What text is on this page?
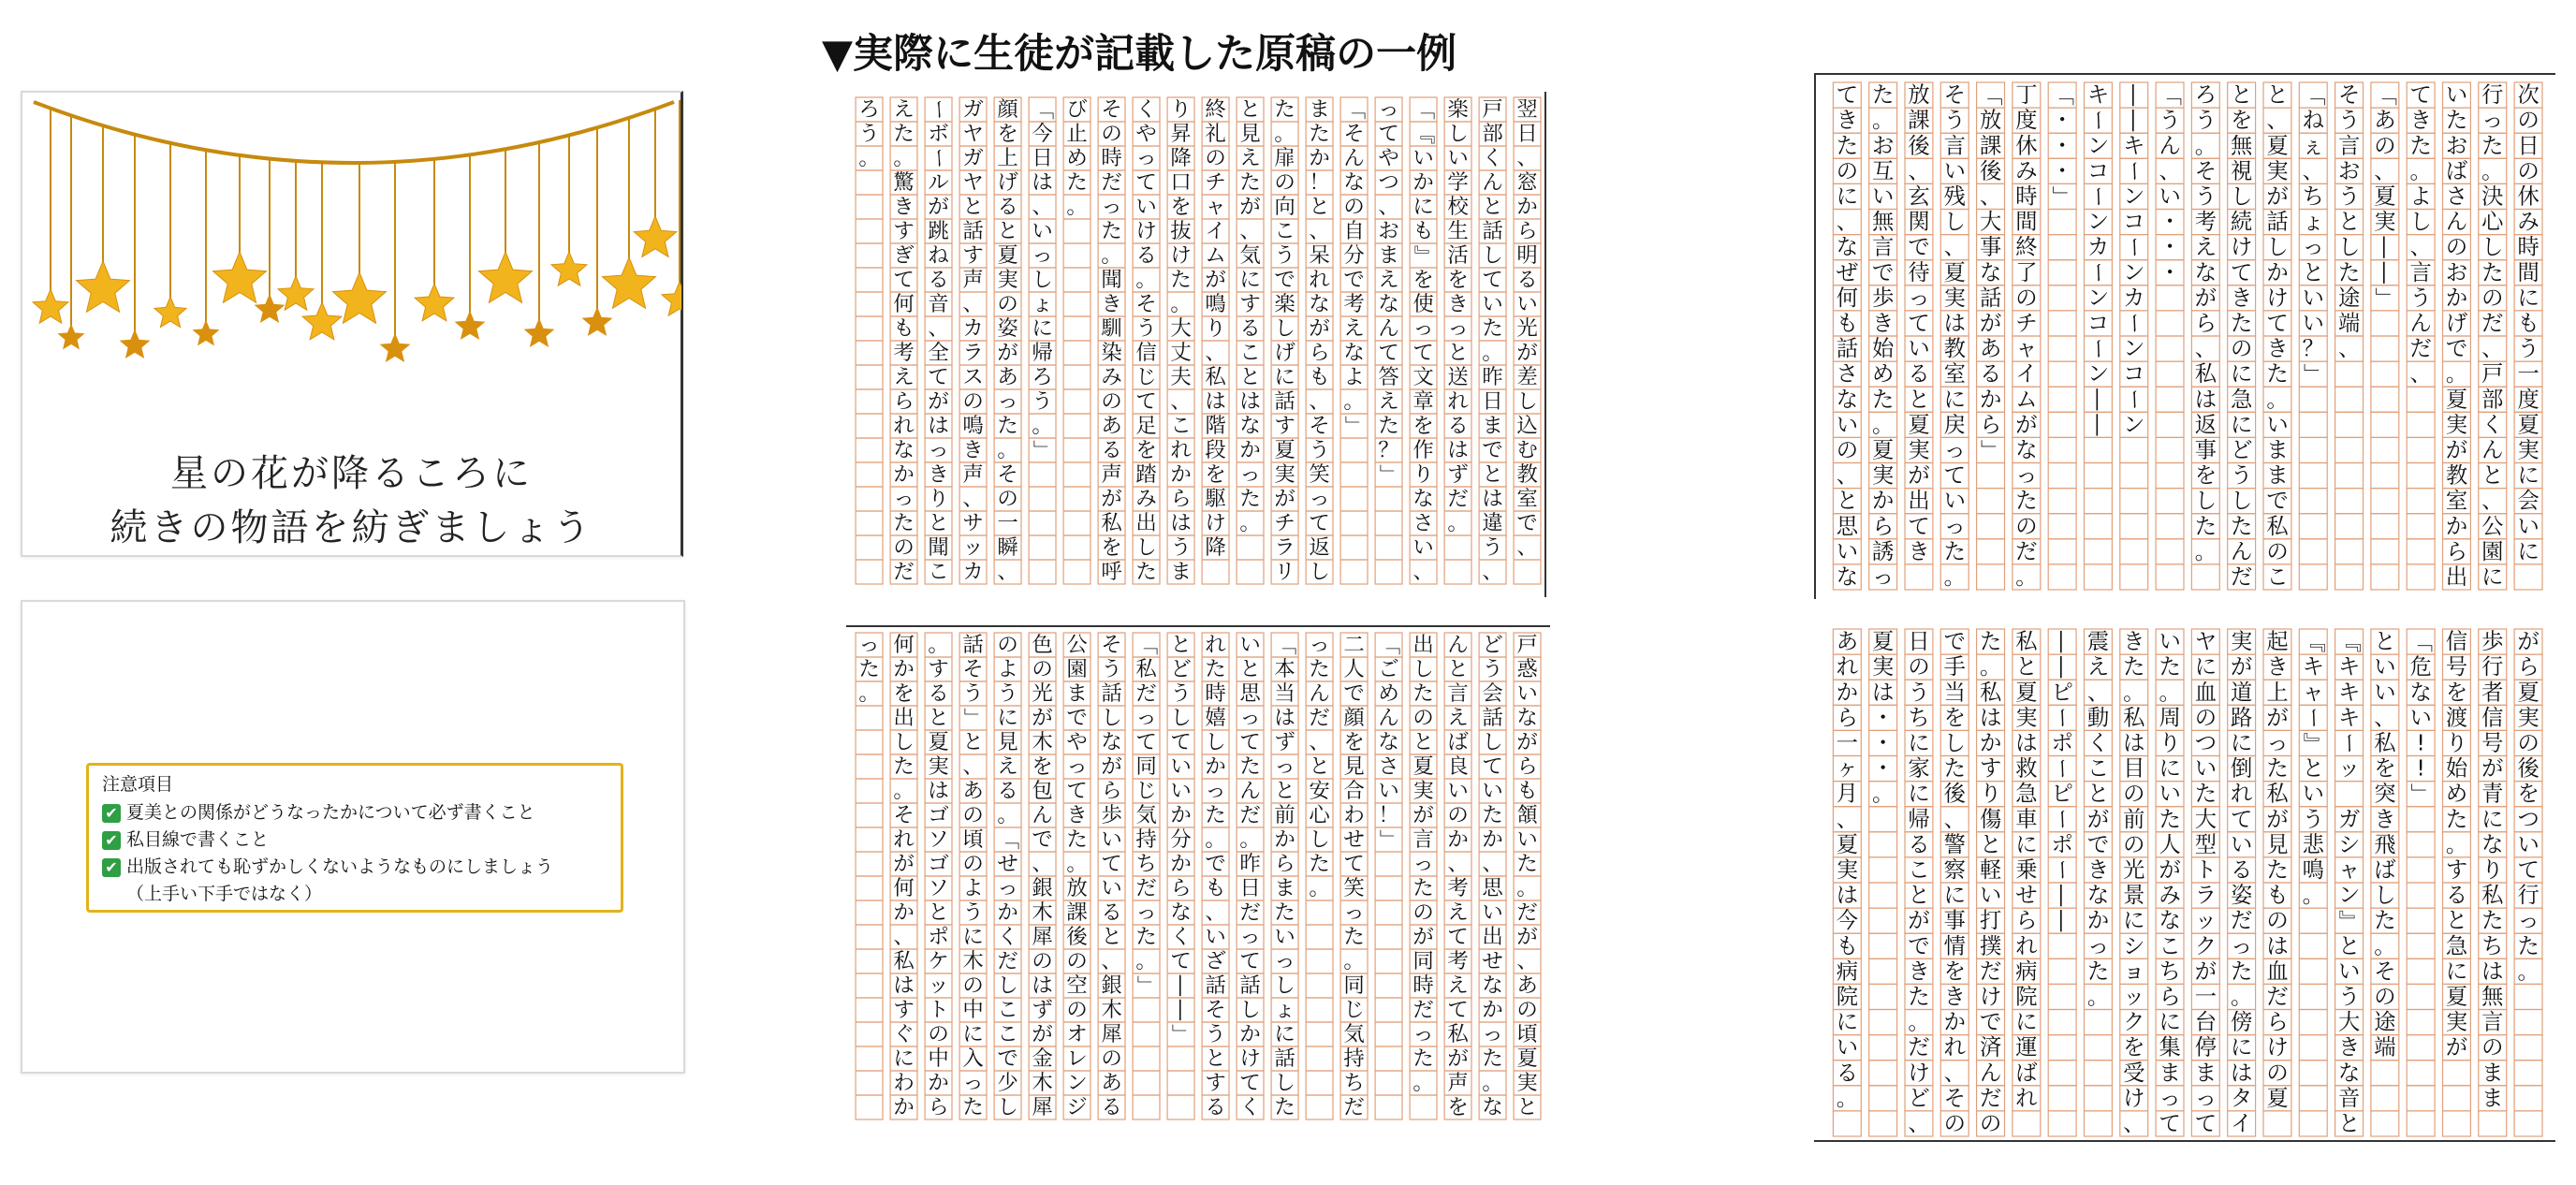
▼実際に生徒が記載した原稿の一例
星の花が降るころに
続きの物語を紡ぎましょう
注意項目
✔ 夏美との関係がどうなったかについて必ず書くこと
✔ 私目線で書くこと
✔ 出版されても恥ずかしくないようなものにしましょう
（上手い下手ではなく）
翌
日
、
窓
か
ら
明
る
い
光
が
差
し
込
む
教
室
で
、
戸
部
く
ん
と
話
し
て
い
た
。
昨
日
ま
で
と
は
違
う
、
楽
し
い
学
校
生
活
を
き
っ
と
送
れ
る
は
ず
だ
。
「
『
い
か
に
も
』
を
使
っ
て
文
章
を
作
り
な
さ
い
、
っ
て
や
つ
、
お
ま
え
な
ん
て
答
え
た
？
」
「
そ
ん
な
の
自
分
で
考
え
な
よ
。
」
ま
た
か
！
と
、
呆
れ
な
が
ら
も
、
そ
う
笑
っ
て
返
し
た
。
扉
の
向
こ
う
で
楽
し
げ
に
話
す
夏
実
が
チ
ラ
リ
と
見
え
た
が
、
気
に
す
る
こ
と
は
な
か
っ
た
。
終
礼
の
チ
ャ
イ
ム
が
鳴
り
、
私
は
階
段
を
駆
け
降
り
昇
降
口
を
抜
け
た
。
大
丈
夫
、
こ
れ
か
ら
は
う
ま
く
や
っ
て
い
け
る
。
そ
う
信
じ
て
足
を
踏
み
出
し
た
そ
の
時
だ
っ
た
。
聞
き
馴
染
み
の
あ
る
声
が
私
を
呼
び
止
め
た
。
「
今
日
は
、
い
っ
し
ょ
に
帰
ろ
う
。
」
顔
を
上
げ
る
と
夏
実
の
姿
が
あ
っ
た
。
そ
の
一
瞬
、
ガ
ヤ
ガ
ヤ
と
話
す
声
、
カ
ラ
ス
の
鳴
き
声
、
サ
ッ
カ
ー
ボ
ー
ル
が
跳
ね
る
音
、
全
て
が
は
っ
き
り
と
聞
こ
え
た
。
驚
き
す
ぎ
て
何
も
考
え
ら
れ
な
か
っ
た
の
だ
ろ
う
。
戸
惑
い
な
が
ら
も
頷
い
た
。
だ
が
、
あ
の
頃
夏
実
と
ど
う
会
話
し
て
い
た
か
、
思
い
出
せ
な
か
っ
た
。
な
ん
と
言
え
ば
良
い
の
か
、
考
え
て
考
え
て
私
が
声
を
出
し
た
の
と
夏
実
が
言
っ
た
の
が
同
時
だ
っ
た
。
「
ご
め
ん
な
さ
い
！
」
二
人
で
顔
を
見
合
わ
せ
て
笑
っ
た
。
同
じ
気
持
ち
だ
っ
た
ん
だ
、
と
安
心
し
た
。
「
本
当
は
ず
っ
と
前
か
ら
ま
た
い
っ
し
ょ
に
話
し
た
い
と
思
っ
て
た
ん
だ
。
昨
日
だ
っ
て
話
し
か
け
て
く
れ
た
時
嬉
し
か
っ
た
。
で
も
、
い
ざ
話
そ
う
と
す
る
と
ど
う
し
て
い
い
か
分
か
ら
な
く
て
―
―
」
「
私
だ
っ
て
同
じ
気
持
ち
だ
っ
た
。
」
そ
う
話
し
な
が
ら
歩
い
て
い
る
と
、
銀
木
犀
の
あ
る
公
園
ま
で
や
っ
て
き
た
。
放
課
後
の
空
の
オ
レ
ン
ジ
色
の
光
が
木
を
包
ん
で
、
銀
木
犀
の
は
ず
が
金
木
犀
の
よ
う
に
見
え
る
。
「
せ
っ
か
く
だ
し
こ
こ
で
少
し
話
そ
う
」
と
、
あ
の
頃
の
よ
う
に
木
の
中
に
入
っ
た
。
す
る
と
夏
実
は
ゴ
ソ
ゴ
ソ
と
ポ
ケ
ッ
ト
の
中
か
ら
何
か
を
出
し
た
。
そ
れ
が
何
か
、
私
は
す
ぐ
に
わ
か
っ
た
。
次
の
日
の
休
み
時
間
に
も
う
一
度
夏
実
に
会
い
に
行
っ
た
。
決
心
し
た
の
だ
、
戸
部
く
ん
と
、
公
園
に
い
た
お
ば
さ
ん
の
お
か
げ
で
。
夏
実
が
教
室
か
ら
出
て
き
た
。
よ
し
、
言
う
ん
だ
、
「
あ
の
、
夏
実
―
―
」
そ
う
言
お
う
と
し
た
途
端
、
「
ね
ぇ
、
ち
ょ
っ
と
い
い
？
」
と
、
夏
実
が
話
し
か
け
て
き
た
。
い
ま
ま
で
私
の
こ
と
を
無
視
し
続
け
て
き
た
の
に
急
に
ど
う
し
た
ん
だ
ろ
う
。
そ
う
考
え
な
が
ら
、
私
は
返
事
を
し
た
。
「
う
ん
、
い
・
・
・
―
―
キ
ー
ン
コ
ー
ン
カ
ー
ン
コ
ー
ン
キ
ー
ン
コ
ー
ン
カ
ー
ン
コ
ー
ン
―
―
「
・
・
・
」
丁
度
休
み
時
間
終
了
の
チ
ャ
イ
ム
が
な
っ
た
の
だ
。
「
放
課
後
、
大
事
な
話
が
あ
る
か
ら
」
そ
う
言
い
残
し
、
夏
実
は
教
室
に
戻
っ
て
い
っ
た
。
放
課
後
、
玄
関
で
待
っ
て
い
る
と
夏
実
が
出
て
き
た
。
お
互
い
無
言
で
歩
き
始
め
た
。
夏
実
か
ら
誘
っ
て
き
た
の
に
、
な
ぜ
何
も
話
さ
な
い
の
、
と
思
い
な
が
ら
夏
実
の
後
を
つ
い
て
行
っ
た
。
歩
行
者
信
号
が
青
に
な
り
私
た
ち
は
無
言
の
ま
ま
信
号
を
渡
り
始
め
た
。
す
る
と
急
に
夏
実
が
「
危
な
い
!
!
」
と
い
い
、
私
を
突
き
飛
ば
し
た
。
そ
の
途
端
『
キ
キ
キ
ー
ッ

ガ
シ
ャ
ン
』
と
い
う
大
き
な
音
と
『
キ
ャ
ー
』
と
い
う
悲
鳴
。
起
き
上
が
っ
た
私
が
見
た
も
の
は
血
だ
ら
け
の
夏
実
が
道
路
に
倒
れ
て
い
る
姿
だ
っ
た
。
傍
に
は
タ
イ
ヤ
に
血
の
つ
い
た
大
型
ト
ラ
ッ
ク
が
一
台
停
ま
っ
て
い
た
。
周
り
に
い
た
人
が
み
な
こ
ち
ら
に
集
ま
っ
て
き
た
。
私
は
目
の
前
の
光
景
に
シ
ョ
ッ
ク
を
受
け
、
震
え
、
動
く
こ
と
が
で
き
な
か
っ
た
。
―
―
ピ
ー
ポ
ー
ピ
ー
ポ
ー
―
―
私
と
夏
実
は
救
急
車
に
乗
せ
ら
れ
病
院
に
運
ば
れ
た
。
私
は
か
す
り
傷
と
軽
い
打
撲
だ
け
で
済
ん
だ
の
で
手
当
を
し
た
後
、
警
察
に
事
情
を
き
か
れ
、
そ
の
日
の
う
ち
に
家
に
帰
る
こ
と
が
で
き
た
。
だ
け
ど
、
夏
実
は
・
・
・
。
あ
れ
か
ら
一
ヶ
月
、
夏
実
は
今
も
病
院
に
い
る
。
